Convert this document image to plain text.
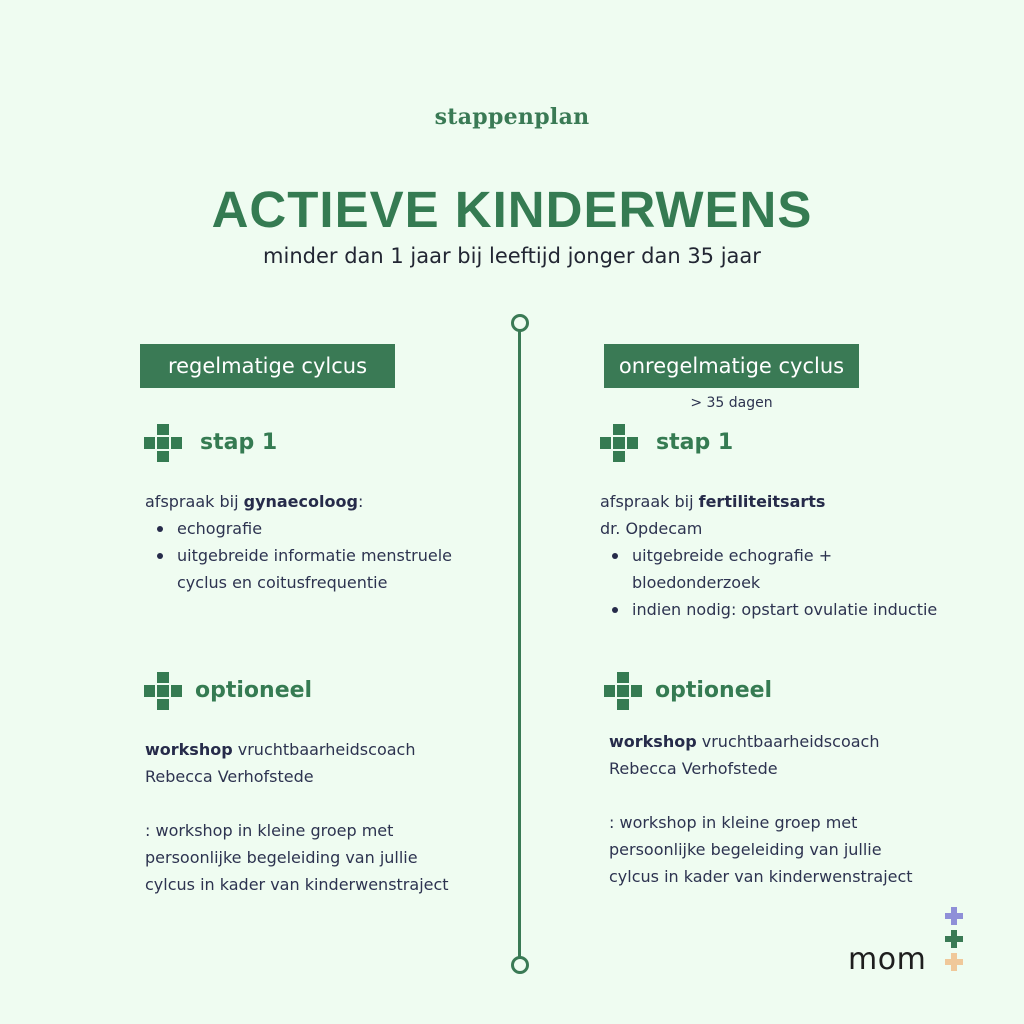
stappenplan
ACTIEVE KINDERWENS
minder dan 1 jaar bij leeftijd jonger dan 35 jaar
regelmatige cylcus
stap 1
afspraak bij gynaecoloog:
echografie
uitgebreide informatie menstruele cyclus en coitusfrequentie
optioneel
workshop vruchtbaarheidscoach
Rebecca Verhofstede
: workshop in kleine groep met persoonlijke begeleiding van jullie cylcus in kader van kinderwenstraject
onregelmatige cyclus
> 35 dagen
stap 1
afspraak bij fertiliteitsarts
dr. Opdecam
uitgebreide echografie + bloedonderzoek
indien nodig: opstart ovulatie inductie
optioneel
workshop vruchtbaarheidscoach
Rebecca Verhofstede
: workshop in kleine groep met persoonlijke begeleiding van jullie cylcus in kader van kinderwenstraject
mom
